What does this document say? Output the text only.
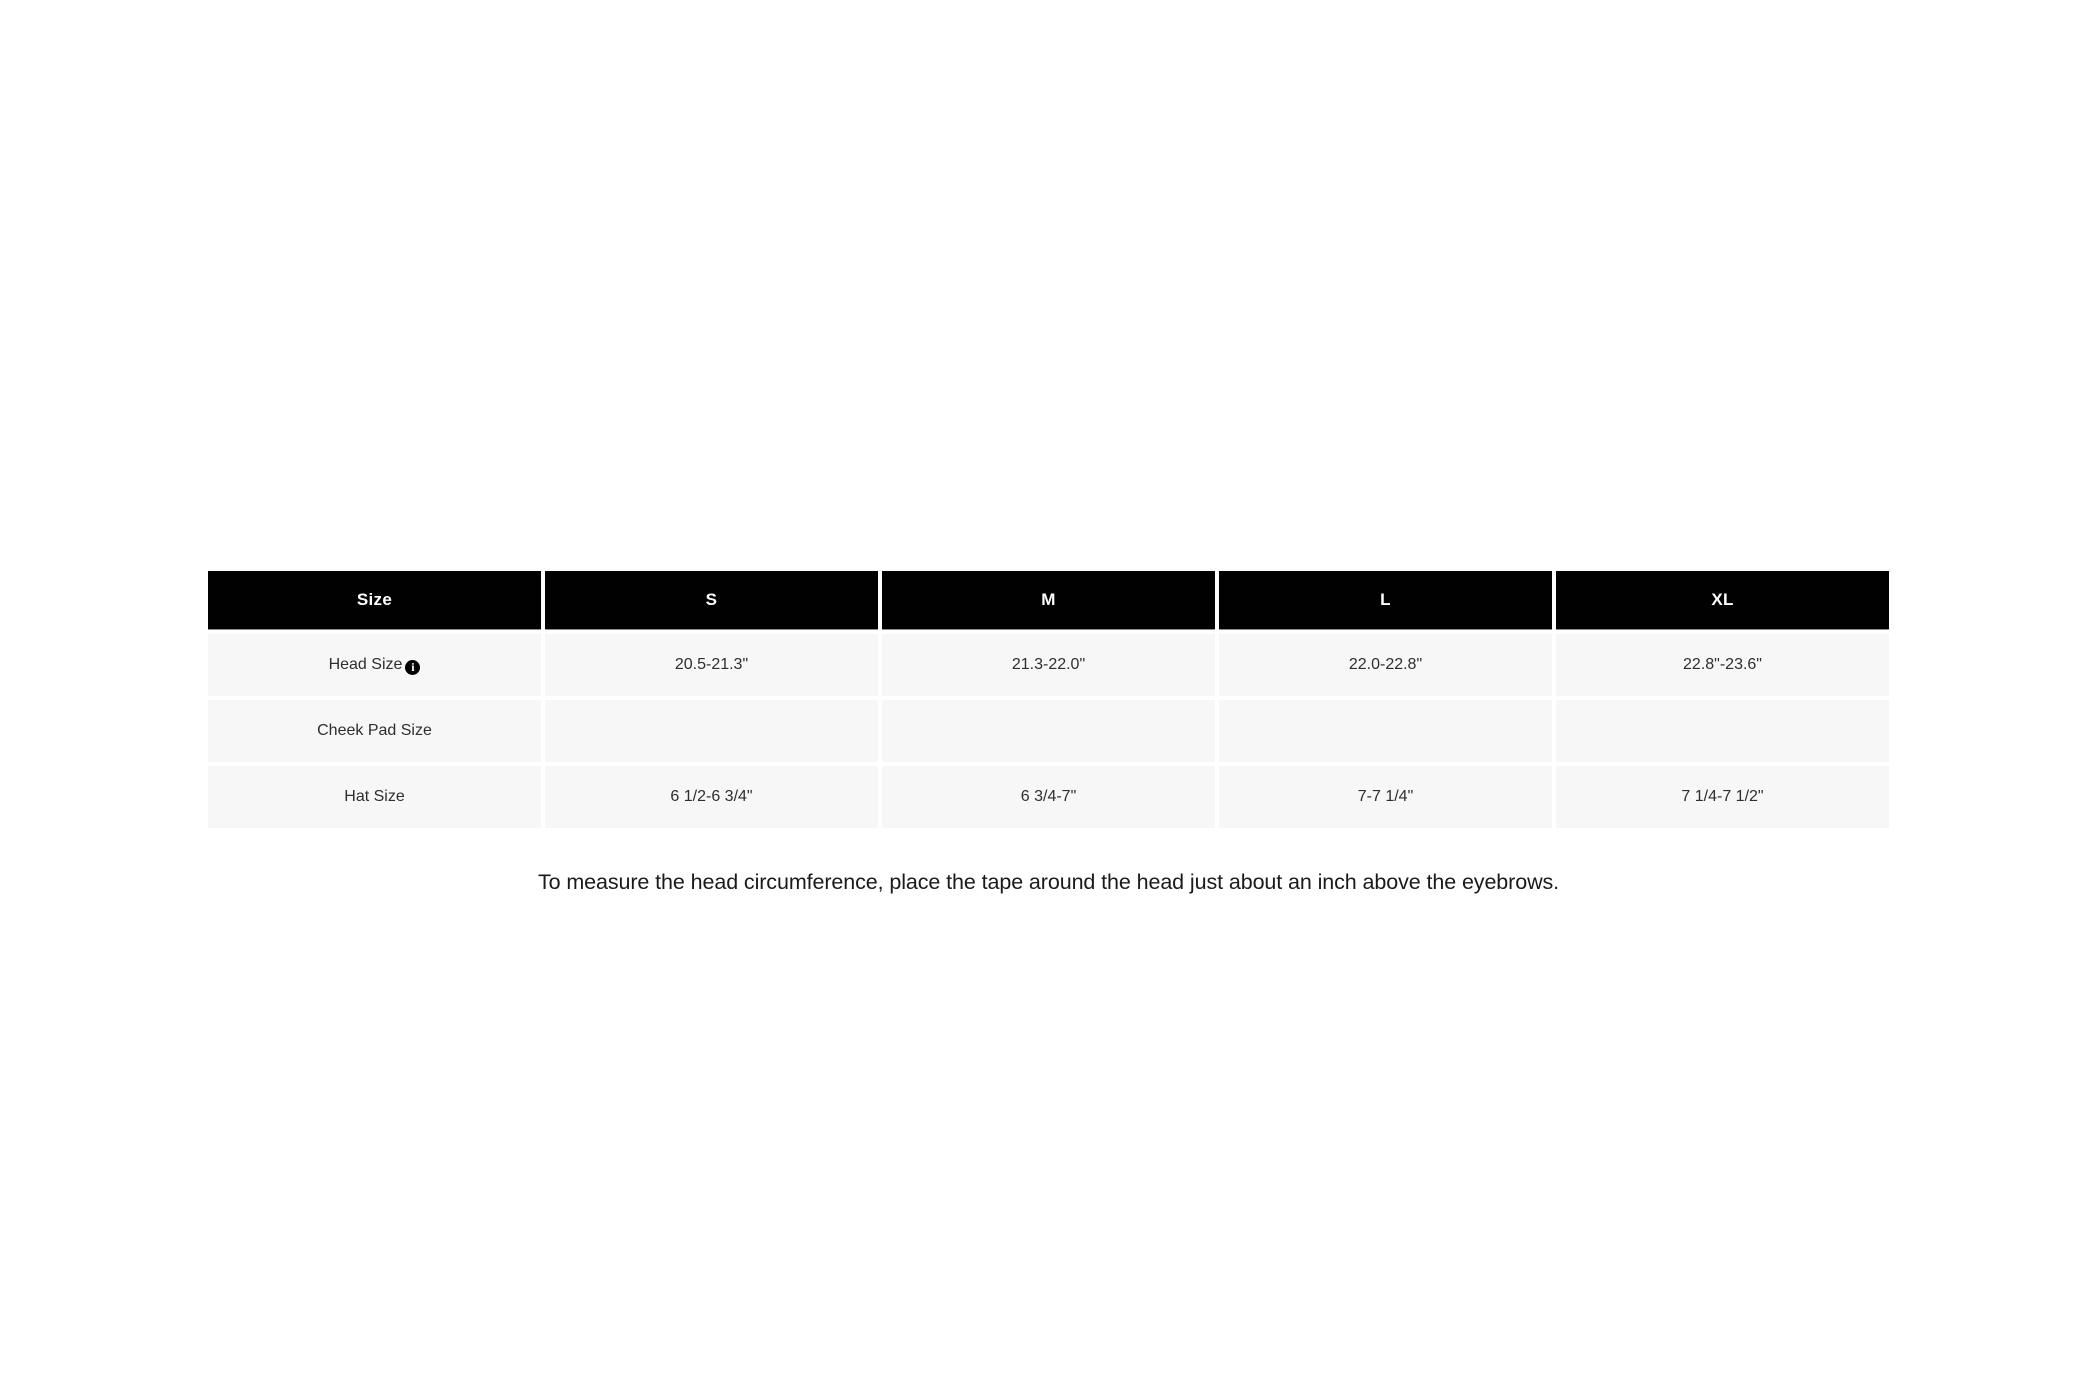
Size	S	M	L	XL
Head Size i	20.5-21.3"	21.3-22.0"	22.0-22.8"	22.8"-23.6"
Cheek Pad Size				
Hat Size	6 1/2-6 3/4"	6 3/4-7"	7-7 1/4"	7 1/4-7 1/2"

To measure the head circumference, place the tape around the head just about an inch above the eyebrows.
